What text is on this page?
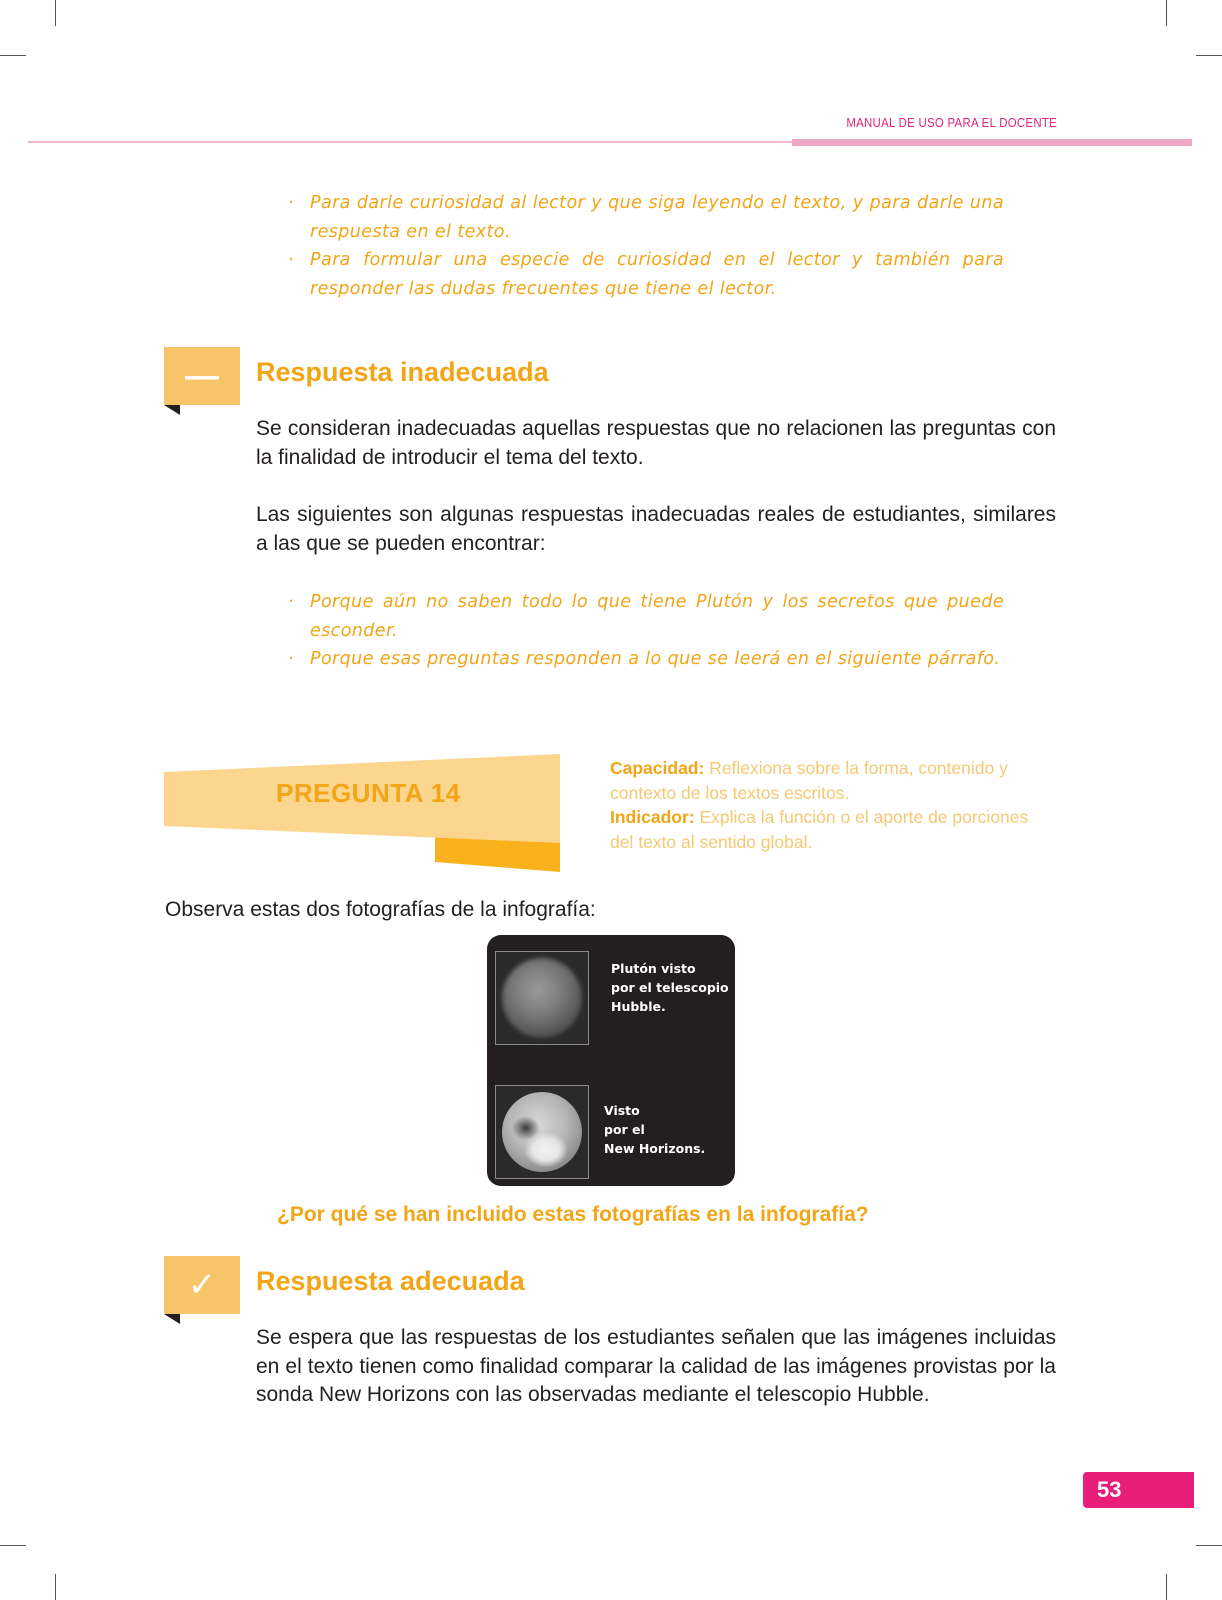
MANUAL DE USO PARA EL DOCENTE
· Para darle curiosidad al lector y que siga leyendo el texto, y para darle una respuesta en el texto.
· Para formular una especie de curiosidad en el lector y también para responder las dudas frecuentes que tiene el lector.
— Respuesta inadecuada

Se consideran inadecuadas aquellas respuestas que no relacionen las preguntas con la finalidad de introducir el tema del texto.

Las siguientes son algunas respuestas inadecuadas reales de estudiantes, similares a las que se pueden encontrar:

· Porque aún no saben todo lo que tiene Plutón y los secretos que puede esconder.
· Porque esas preguntas responden a lo que se leerá en el siguiente párrafo.
PREGUNTA 14
Capacidad: Reflexiona sobre la forma, contenido y contexto de los textos escritos.
Indicador: Explica la función o el aporte de porciones del texto al sentido global.
Observa estas dos fotografías de la infografía:
Plutón visto
por el telescopio
Hubble.
Visto
por el
New Horizons.
¿Por qué se han incluido estas fotografías en la infografía?
✓ Respuesta adecuada

Se espera que las respuestas de los estudiantes señalen que las imágenes incluidas en el texto tienen como finalidad comparar la calidad de las imágenes provistas por la sonda New Horizons con las observadas mediante el telescopio Hubble.

53
